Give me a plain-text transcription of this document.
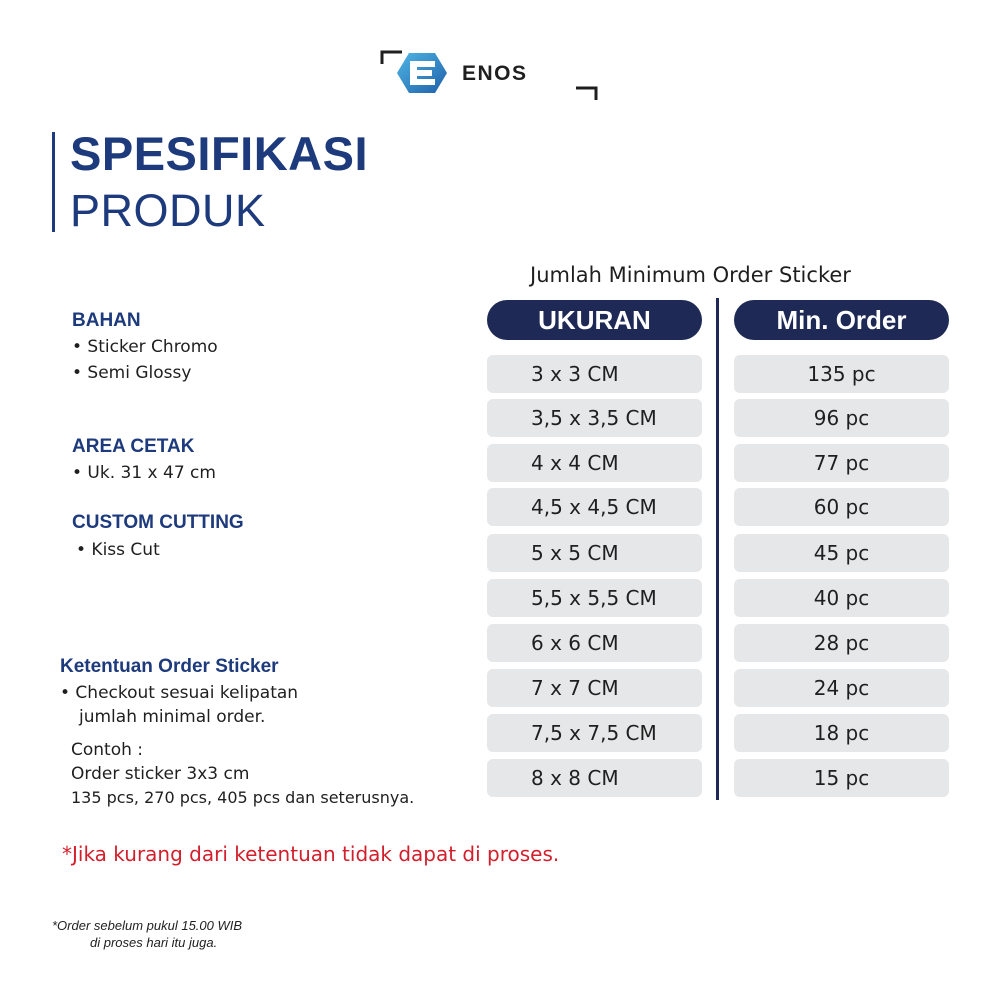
ENOS
SPESIFIKASI
PRODUK
BAHAN
• Sticker Chromo
• Semi Glossy
AREA CETAK
• Uk. 31 x 47 cm
CUSTOM CUTTING
• Kiss Cut
Ketentuan Order Sticker
• Checkout sesuai kelipatan
jumlah minimal order.
Contoh :
Order sticker 3x3 cm
135 pcs, 270 pcs, 405 pcs dan seterusnya.
Jumlah Minimum Order Sticker
UKURAN	Min. Order
3 x 3 CM	135 pc
3,5 x 3,5 CM	96 pc
4 x 4 CM	77 pc
4,5 x 4,5 CM	60 pc
5 x 5 CM	45 pc
5,5 x 5,5 CM	40 pc
6 x 6 CM	28 pc
7 x 7 CM	24 pc
7,5 x 7,5 CM	18 pc
8 x 8 CM	15 pc
*Jika kurang dari ketentuan tidak dapat di proses.
*Order sebelum pukul 15.00 WIB
di proses hari itu juga.
